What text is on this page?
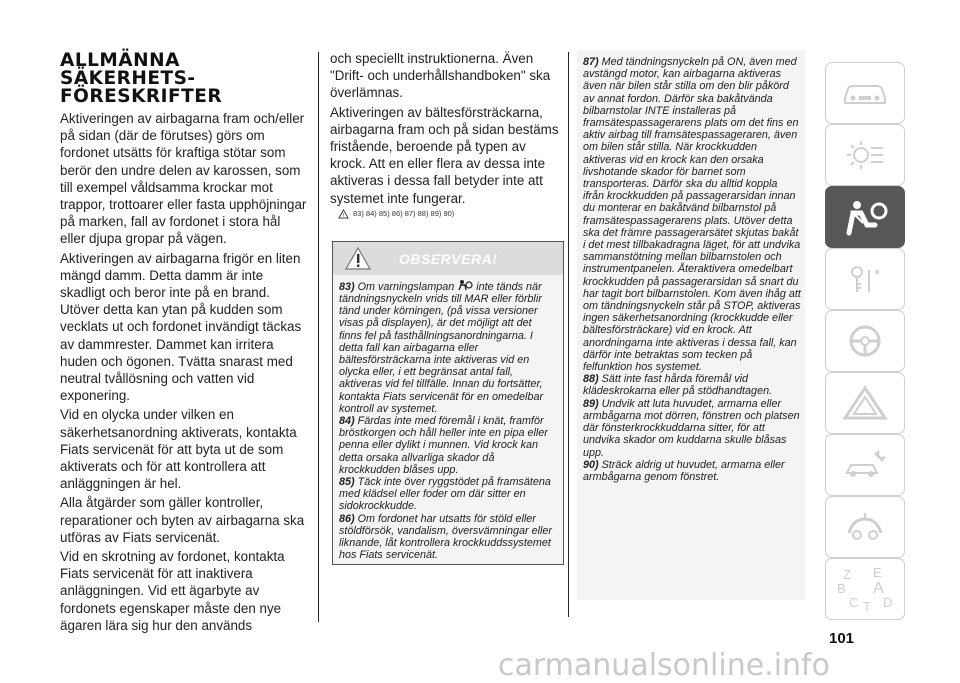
ALLMÄNNA
SÄKERHETS-
FÖRESKRIFTER

Aktiveringen av airbagarna fram och/eller på sidan (där de förutses) görs om fordonet utsätts för kraftiga stötar som berör den undre delen av karossen, som till exempel våldsamma krockar mot trappor, trottoarer eller fasta upphöjningar på marken, fall av fordonet i stora hål eller djupa gropar på vägen.

Aktiveringen av airbagarna frigör en liten mängd damm. Detta damm är inte skadligt och beror inte på en brand. Utöver detta kan ytan på kudden som vecklats ut och fordonet invändigt täckas av dammrester. Dammet kan irritera huden och ögonen. Tvätta snarast med neutral tvållösning och vatten vid exponering.

Vid en olycka under vilken en säkerhetsanordning aktiverats, kontakta Fiats servicenät för att byta ut de som aktiverats och för att kontrollera att anläggningen är hel.

Alla åtgärder som gäller kontroller, reparationer och byten av airbagarna ska utföras av Fiats servicenät.

Vid en skrotning av fordonet, kontakta Fiats servicenät för att inaktivera anläggningen. Vid ett ägarbyte av fordonets egenskaper måste den nye ägaren lära sig hur den används

och speciellt instruktionerna. Även "Drift- och underhållshandboken" ska överlämnas.

Aktiveringen av bältesförsträckarna, airbagarna fram och på sidan bestäms fristående, beroende på typen av krock. Att en eller flera av dessa inte aktiveras i dessa fall betyder inte att systemet inte fungerar.

! 83) 84) 85) 86) 87) 88) 89) 90)
OBSERVERA!

83) Om varningslampan inte tänds när tändningsnyckeln vrids till MAR eller förblir tänd under körningen, (på vissa versioner visas på displayen), är det möjligt att det finns fel på fasthållningsanordningarna. I detta fall kan airbagarna eller bältesförsträckarna inte aktiveras vid en olycka eller, i ett begränsat antal fall, aktiveras vid fel tillfälle. Innan du fortsätter, kontakta Fiats servicenät för en omedelbar kontroll av systemet.

84) Färdas inte med föremål i knät, framför bröstkorgen och håll heller inte en pipa eller penna eller dylikt i munnen. Vid krock kan detta orsaka allvarliga skador då krockkudden blåses upp.

85) Täck inte över ryggstödet på framsätena med klädsel eller foder om där sitter en sidokrockkudde.

86) Om fordonet har utsatts för stöld eller stöldförsök, vandalism, översvämningar eller liknande, låt kontrollera krockkuddssystemet hos Fiats servicenät.

87) Med tändningsnyckeln på ON, även med avstängd motor, kan airbagarna aktiveras även när bilen står stilla om den blir påkörd av annat fordon. Därför ska bakåtvända bilbarnstolar INTE installeras på framsätespassagerarens plats om det fins en aktiv airbag till framsätespassageraren, även om bilen står stilla. När krockkudden aktiveras vid en krock kan den orsaka livshotande skador för barnet som transporteras. Därför ska du alltid koppla ifrån krockkudden på passagerarsidan innan du monterar en bakåtvänd bilbarnstol på framsätespassagerarens plats. Utöver detta ska det främre passagerarsätet skjutas bakåt i det mest tillbakadragna läget, för att undvika sammanstötning mellan bilbarnstolen och instrumentpanelen. Återaktivera omedelbart krockkudden på passagerarsidan så snart du har tagit bort bilbarnstolen. Kom även ihåg att om tändningsnyckeln står på STOP, aktiveras ingen säkerhetsanordning (krockkudde eller bältesförsträckare) vid en krock. Att anordningarna inte aktiveras i dessa fall, kan därför inte betraktas som tecken på felfunktion hos systemet.

88) Sätt inte fast hårda föremål vid klädeskrokarna eller på stödhandtagen.

89) Undvik att luta huvudet, armarna eller armbågarna mot dörren, fönstren och platsen där fönsterkrockkuddarna sitter, för att undvika skador om kuddarna skulle blåsas upp.

90) Sträck aldrig ut huvudet, armarna eller armbågarna genom fönstret.

Z E
B A
C T D
101
carmanualsonline.info
